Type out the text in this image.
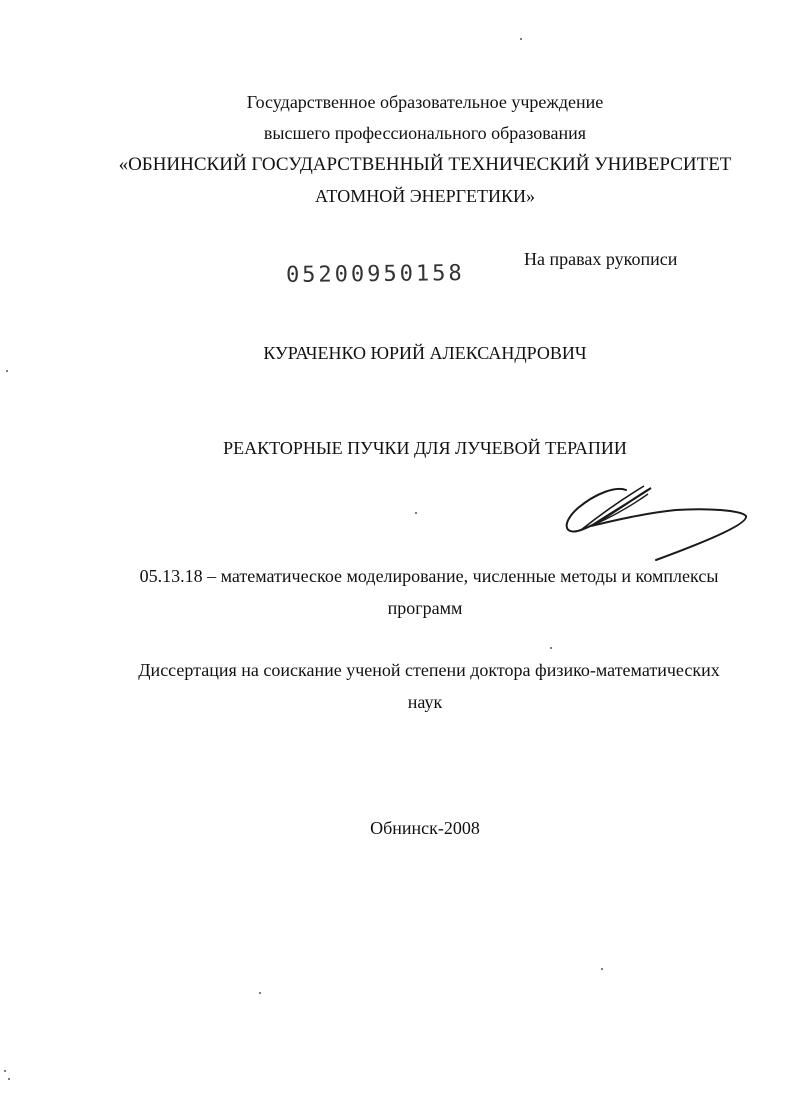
Государственное образовательное учреждение
высшего профессионального образования
«ОБНИНСКИЙ ГОСУДАРСТВЕННЫЙ ТЕХНИЧЕСКИЙ УНИВЕРСИТЕТ
АТОМНОЙ ЭНЕРГЕТИКИ»
На правах рукописи
05200950158
КУРАЧЕНКО ЮРИЙ АЛЕКСАНДРОВИЧ
РЕАКТОРНЫЕ ПУЧКИ ДЛЯ ЛУЧЕВОЙ ТЕРАПИИ
05.13.18 – математическое моделирование, численные методы и комплексы
программ
Диссертация на соискание ученой степени доктора физико-математических
наук
Обнинск-2008
